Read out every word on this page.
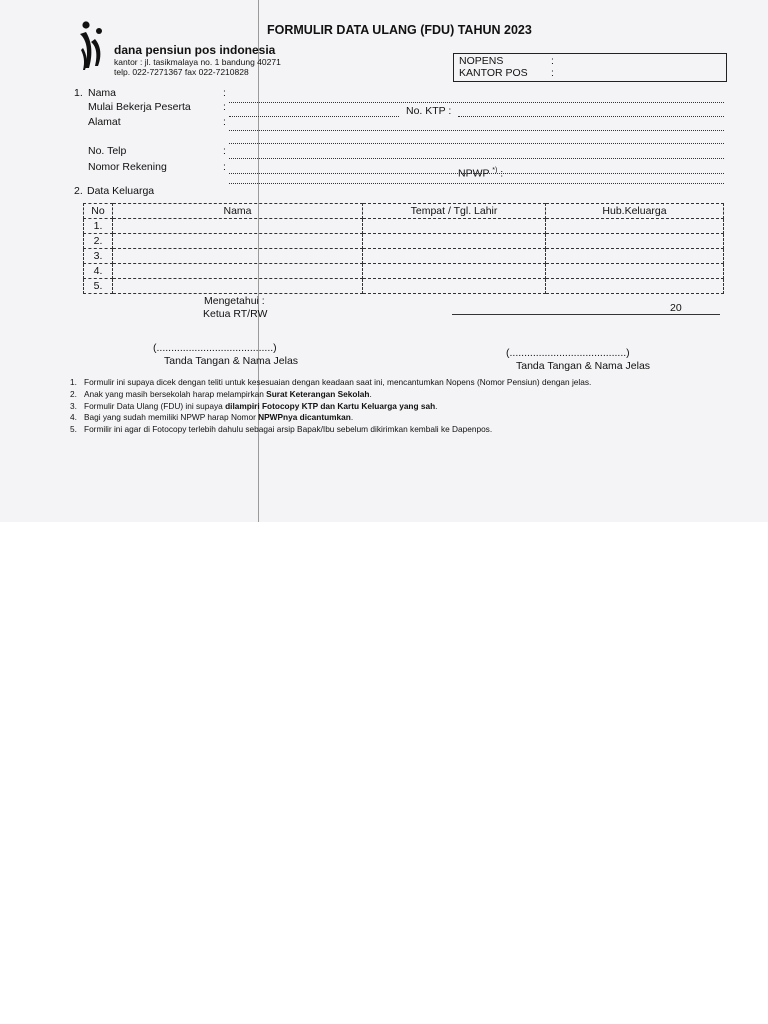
FORMULIR DATA ULANG (FDU) TAHUN 2023
dana pensiun pos indonesia
kantor : jl. tasikmalaya no. 1 bandung 40271
telp. 022-7271367 fax 022-7210828
NOPENS	:
KANTOR POS :
1. Nama	:
Mulai Bekerja Peserta	:	No. KTP :
Alamat	:
No. Telp	:
Nomor Rekening	:
NPWP *) :
2. Data Keluarga
No	Nama	Tempat / Tgl. Lahir	Hub.Keluarga
1.			
2.			
3.			
4.			
5.			
Mengetahui :
Ketua RT/RW	20
(........................................)
Tanda Tangan & Nama Jelas
(........................................)
Tanda Tangan & Nama Jelas
1. Formulir ini supaya dicek dengan teliti untuk kesesuaian dengan keadaan saat ini, mencantumkan Nopens (Nomor Pensiun) dengan jelas.
2. Anak yang masih bersekolah harap melampirkan Surat Keterangan Sekolah.
3. Formulir Data Ulang (FDU) ini supaya dilampiri Fotocopy KTP dan Kartu Keluarga yang sah.
4. Bagi yang sudah memiliki NPWP harap Nomor NPWPnya dicantumkan.
5. Formilir ini agar di Fotocopy terlebih dahulu sebagai arsip Bapak/Ibu sebelum dikirimkan kembali ke Dapenpos.
